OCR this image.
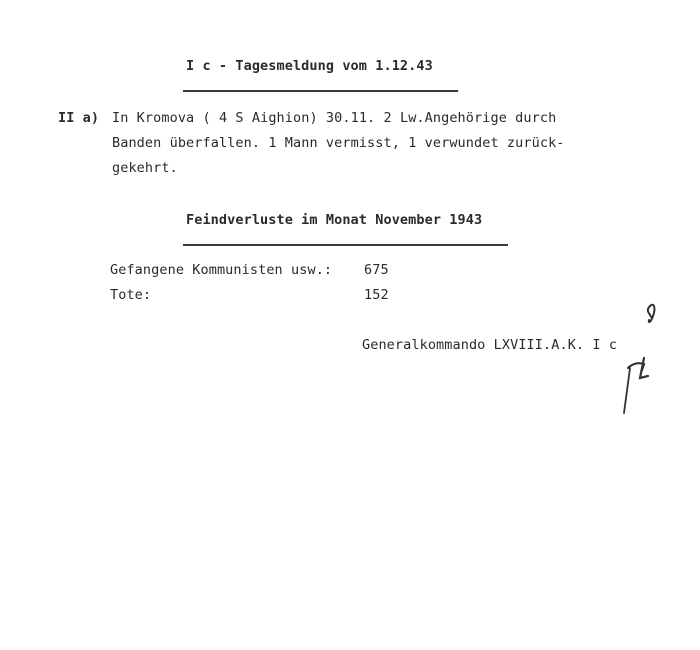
I c - Tagesmeldung vom 1.12.43
II a) In Kromova ( 4 S Aighion) 30.11. 2 Lw.Angehörige durch
Banden überfallen. 1 Mann vermisst, 1 verwundet zurück-
gekehrt.
Feindverluste im Monat November 1943
Gefangene Kommunisten usw.: 675
Tote:	152
Generalkommando LXVIII.A.K. I c
